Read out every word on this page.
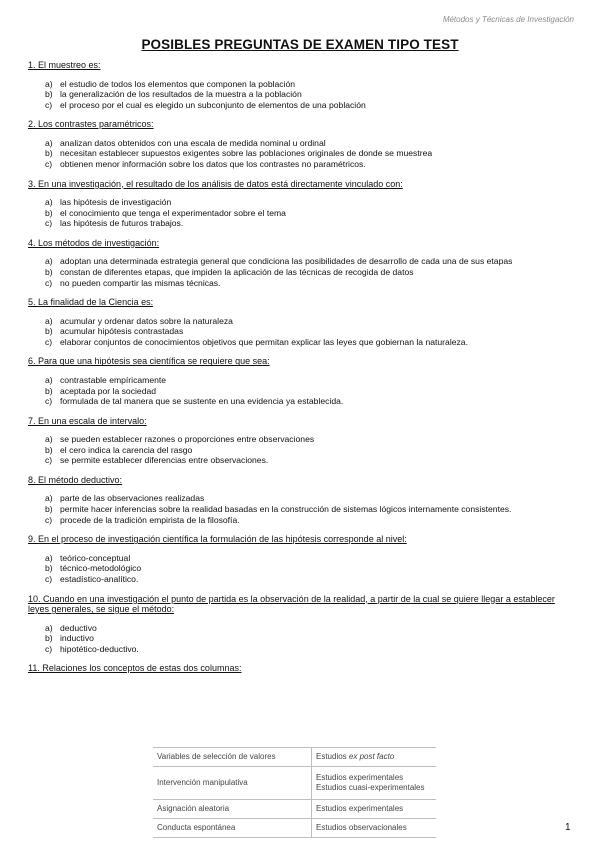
Métodos y Técnicas de Investigación
POSIBLES PREGUNTAS DE EXAMEN TIPO TEST
1. El muestreo es:
a) el estudio de todos los elementos que componen la población
b) la generalización de los resultados de la muestra a la población
c) el proceso por el cual es elegido un subconjunto de elementos de una población
2. Los contrastes paramétricos:
a) analizan datos obtenidos con una escala de medida nominal u ordinal
b) necesitan establecer supuestos exigentes sobre las poblaciones originales de donde se muestrea
c) obtienen menor información sobre los datos que los contrastes no paramétricos.
3. En una investigación, el resultado de los análisis de datos está directamente vinculado con:
a) las hipótesis de investigación
b) el conocimiento que tenga el experimentador sobre el tema
c) las hipótesis de futuros trabajos.
4. Los métodos de investigación:
a) adoptan una determinada estrategia general que condiciona las posibilidades de desarrollo de cada una de sus etapas
b) constan de diferentes etapas, que impiden la aplicación de las técnicas de recogida de datos
c) no pueden compartir las mismas técnicas.
5. La finalidad de la Ciencia es:
a) acumular y ordenar datos sobre la naturaleza
b) acumular hipótesis contrastadas
c) elaborar conjuntos de conocimientos objetivos que permitan explicar las leyes que gobiernan la naturaleza.
6. Para que una hipótesis sea científica se requiere que sea:
a) contrastable empíricamente
b) aceptada por la sociedad
c) formulada de tal manera que se sustente en una evidencia ya establecida.
7. En una escala de intervalo:
a) se pueden establecer razones o proporciones entre observaciones
b) el cero indica la carencia del rasgo
c) se permite establecer diferencias entre observaciones.
8. El método deductivo:
a) parte de las observaciones realizadas
b) permite hacer inferencias sobre la realidad basadas en la construcción de sistemas lógicos internamente consistentes.
c) procede de la tradición empirista de la filosofía.
9. En el proceso de investigación científica la formulación de las hipótesis corresponde al nivel:
a) teórico-conceptual
b) técnico-metodológico
c) estadístico-analítico.
10. Cuando en una investigación el punto de partida es la observación de la realidad, a partir de la cual se quiere llegar a establecer leyes generales, se sigue el método:
a) deductivo
b) inductivo
c) hipotético-deductivo.
11. Relaciones los conceptos de estas dos columnas:
Variables de selección de valores	Estudios ex post facto
Intervención manipulativa	Estudios experimentales
Estudios cuasi-experimentales

Asignación aleatoria	Estudios experimentales
Conducta espontánea	Estudios observacionales	1
